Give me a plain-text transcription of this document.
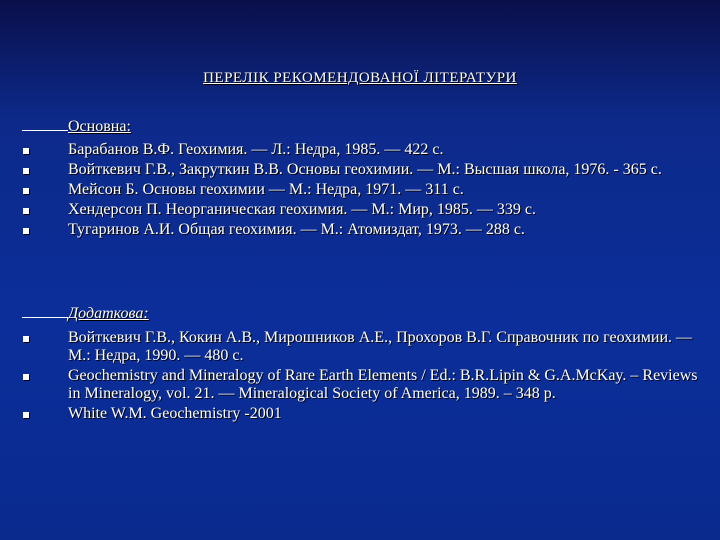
ПЕРЕЛІК РЕКОМЕНДОВАНОЇ ЛІТЕРАТУРИ
Основна:
Барабанов В.Ф. Геохимия. — Л.: Недра, 1985. — 422 с.
Войткевич Г.В., Закруткин В.В. Основы геохимии. — М.: Высшая школа, 1976. - 365 с.
Мейсон Б. Основы геохимии — М.: Недра, 1971. — 311 с.
Хендерсон П. Неорганическая геохимия. — М.: Мир, 1985. — 339 с.
Тугаринов А.И. Общая геохимия. — М.: Атомиздат, 1973. — 288 с.
Додаткова:
Войткевич Г.В., Кокин А.В., Мирошников А.Е., Прохоров В.Г. Справочник по геохимии. — М.: Недра, 1990. — 480 с.
Geochemistry and Mineralogy of Rare Earth Elements / Ed.: B.R.Lipin & G.A.McKay. – Reviews in Mineralogy, vol. 21. — Mineralogical Society of America, 1989. – 348 p.
White W.M. Geochemistry -2001
